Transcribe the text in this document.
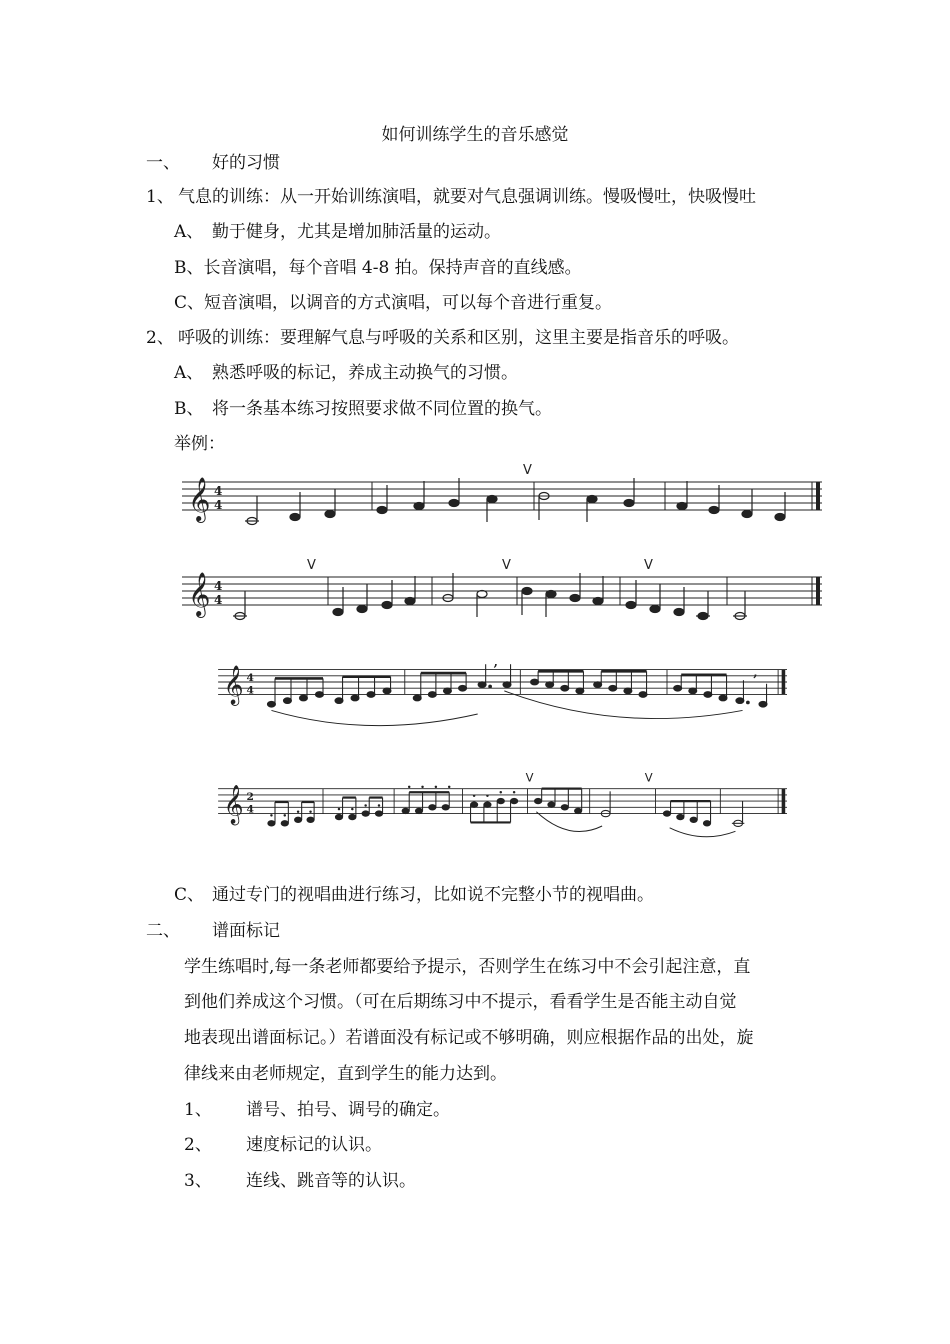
如何训练学生的音乐感觉
一、 好的习惯
1、 气息的训练：从一开始训练演唱，就要对气息强调训练。慢吸慢吐，快吸慢吐
A、 勤于健身，尤其是增加肺活量的运动。
B、长音演唱，每个音唱 4-8 拍。保持声音的直线感。
C、短音演唱，以调音的方式演唱，可以每个音进行重复。
2、 呼吸的训练：要理解气息与呼吸的关系和区别，这里主要是指音乐的呼吸。
A、 熟悉呼吸的标记，养成主动换气的习惯。
B、 将一条基本练习按照要求做不同位置的换气。
举例：
𝄞 4
4
V
𝄞 4
4
V	V	V
𝄞 4
4
,
,
𝄞 2
4
V	V
C、 通过专门的视唱曲进行练习，比如说不完整小节的视唱曲。
二、 谱面标记
学生练唱时,每一条老师都要给予提示，否则学生在练习中不会引起注意，直
到他们养成这个习惯。（可在后期练习中不提示，看看学生是否能主动自觉
地表现出谱面标记。）若谱面没有标记或不够明确，则应根据作品的出处，旋
律线来由老师规定，直到学生的能力达到。
1、 谱号、拍号、调号的确定。
2、 速度标记的认识。
3、 连线、跳音等的认识。
